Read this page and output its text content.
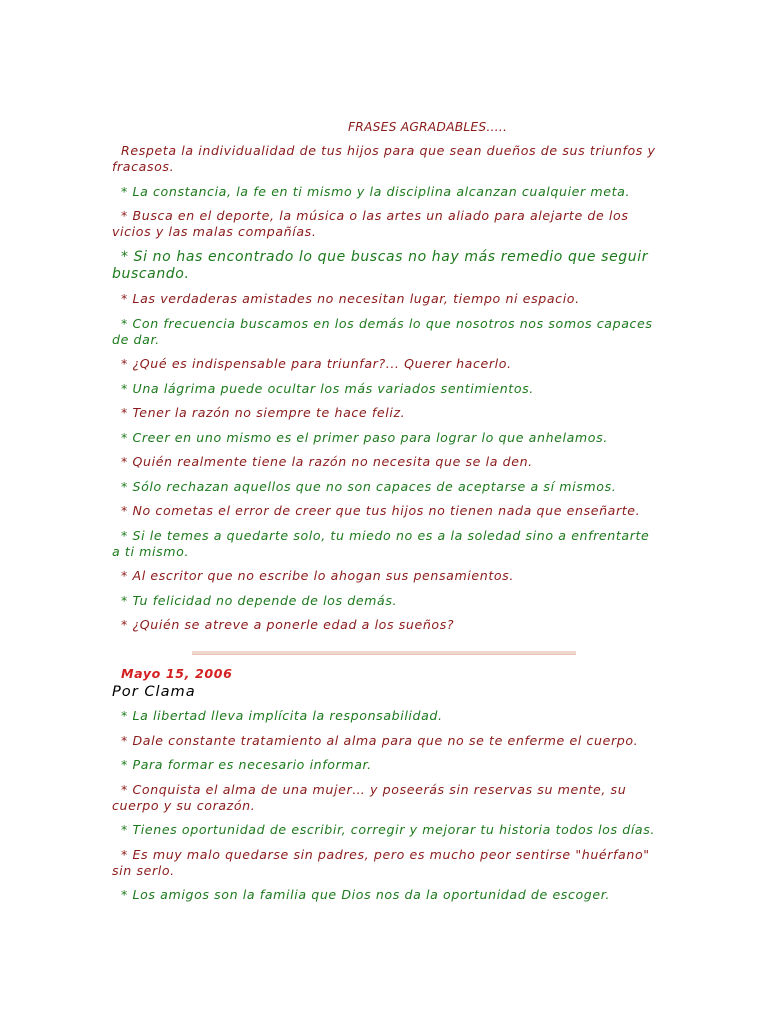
FRASES AGRADABLES…..

Respeta la individualidad de tus hijos para que sean dueños de sus triunfos y fracasos.

* La constancia, la fe en ti mismo y la disciplina alcanzan cualquier meta.

* Busca en el deporte, la música o las artes un aliado para alejarte de los vicios y las malas compañías.

* Si no has encontrado lo que buscas no hay más remedio que seguir buscando.

* Las verdaderas amistades no necesitan lugar, tiempo ni espacio.

* Con frecuencia buscamos en los demás lo que nosotros nos somos capaces de dar.

* ¿Qué es indispensable para triunfar?... Querer hacerlo.

* Una lágrima puede ocultar los más variados sentimientos.

* Tener la razón no siempre te hace feliz.

* Creer en uno mismo es el primer paso para lograr lo que anhelamos.

* Quién realmente tiene la razón no necesita que se la den.

* Sólo rechazan aquellos que no son capaces de aceptarse a sí mismos.

* No cometas el error de creer que tus hijos no tienen nada que enseñarte.

* Si le temes a quedarte solo, tu miedo no es a la soledad sino a enfrentarte a ti mismo.

* Al escritor que no escribe lo ahogan sus pensamientos.

* Tu felicidad no depende de los demás.

* ¿Quién se atreve a ponerle edad a los sueños?

Mayo 15, 2006
Por Clama

* La libertad lleva implícita la responsabilidad.

* Dale constante tratamiento al alma para que no se te enferme el cuerpo.

* Para formar es necesario informar.

* Conquista el alma de una mujer… y poseerás sin reservas su mente, su cuerpo y su corazón.

* Tienes oportunidad de escribir, corregir y mejorar tu historia todos los días.

* Es muy malo quedarse sin padres, pero es mucho peor sentirse "huérfano" sin serlo.

* Los amigos son la familia que Dios nos da la oportunidad de escoger.
